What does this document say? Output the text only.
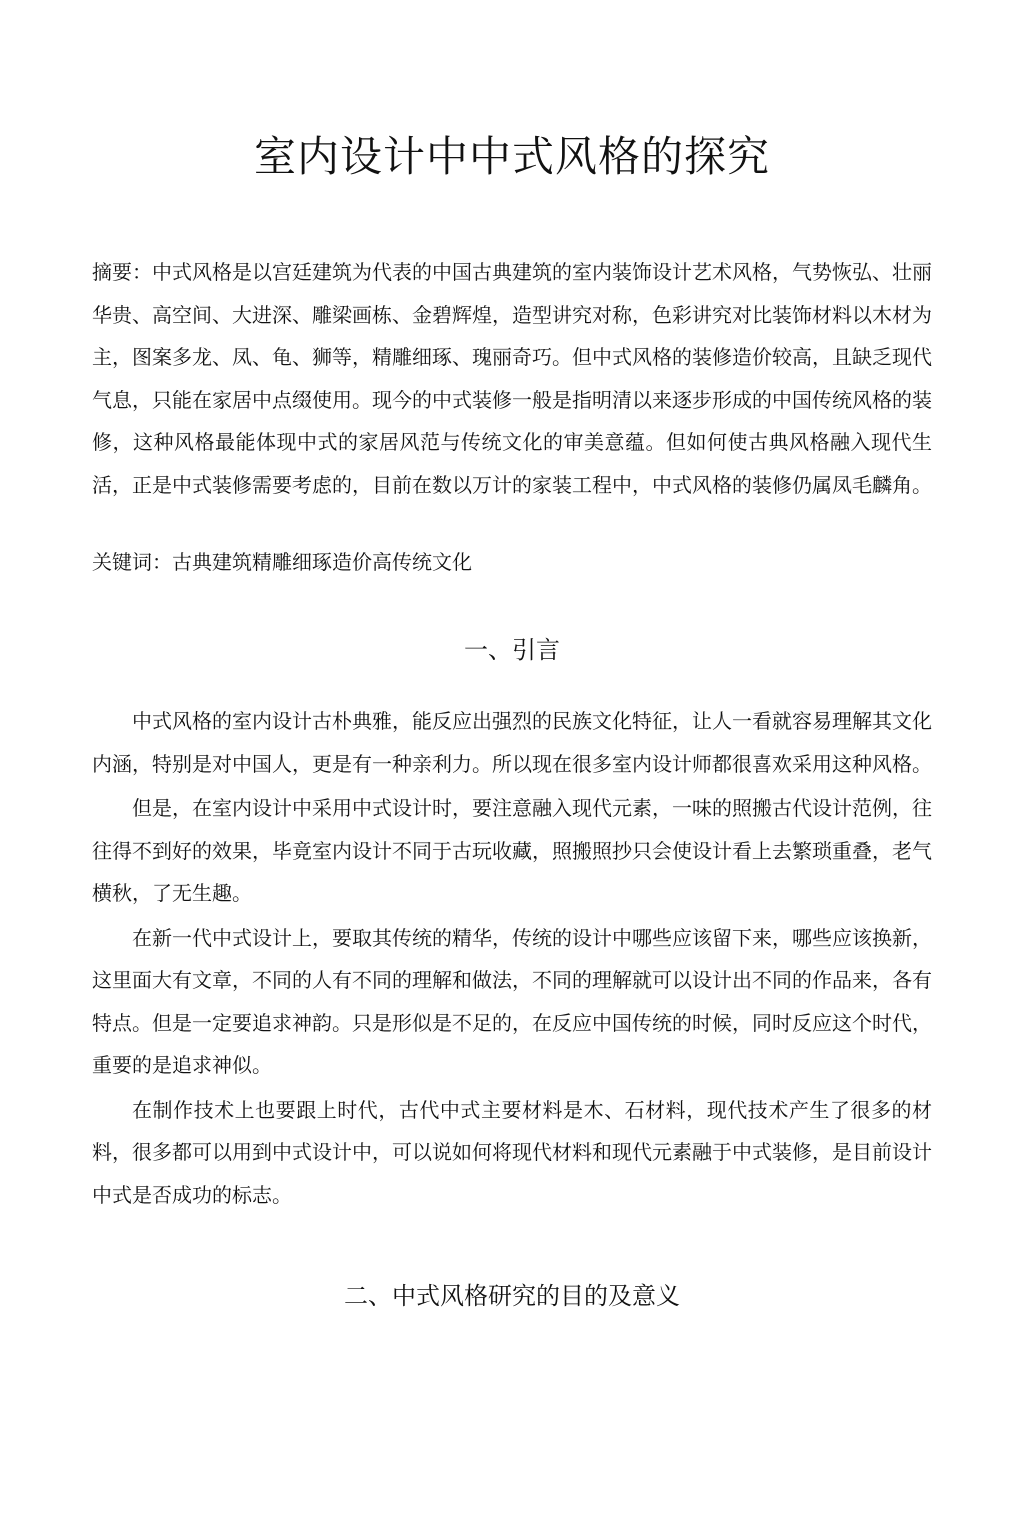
室内设计中中式风格的探究

摘要：中式风格是以宫廷建筑为代表的中国古典建筑的室内装饰设计艺术风格，气势恢弘、壮丽华贵、高空间、大进深、雕梁画栋、金碧辉煌，造型讲究对称，色彩讲究对比装饰材料以木材为主，图案多龙、凤、龟、狮等，精雕细琢、瑰丽奇巧。但中式风格的装修造价较高，且缺乏现代气息，只能在家居中点缀使用。现今的中式装修一般是指明清以来逐步形成的中国传统风格的装修，这种风格最能体现中式的家居风范与传统文化的审美意蕴。但如何使古典风格融入现代生活，正是中式装修需要考虑的，目前在数以万计的家装工程中，中式风格的装修仍属凤毛麟角。

关键词：古典建筑精雕细琢造价高传统文化

一、引言

中式风格的室内设计古朴典雅，能反应出强烈的民族文化特征，让人一看就容易理解其文化内涵，特别是对中国人，更是有一种亲利力。所以现在很多室内设计师都很喜欢采用这种风格。

但是，在室内设计中采用中式设计时，要注意融入现代元素，一味的照搬古代设计范例，往往得不到好的效果，毕竟室内设计不同于古玩收藏，照搬照抄只会使设计看上去繁琐重叠，老气横秋，了无生趣。

在新一代中式设计上，要取其传统的精华，传统的设计中哪些应该留下来，哪些应该换新，这里面大有文章，不同的人有不同的理解和做法，不同的理解就可以设计出不同的作品来，各有特点。但是一定要追求神韵。只是形似是不足的，在反应中国传统的时候，同时反应这个时代，重要的是追求神似。

在制作技术上也要跟上时代，古代中式主要材料是木、石材料，现代技术产生了很多的材料，很多都可以用到中式设计中，可以说如何将现代材料和现代元素融于中式装修，是目前设计中式是否成功的标志。

二、中式风格研究的目的及意义
